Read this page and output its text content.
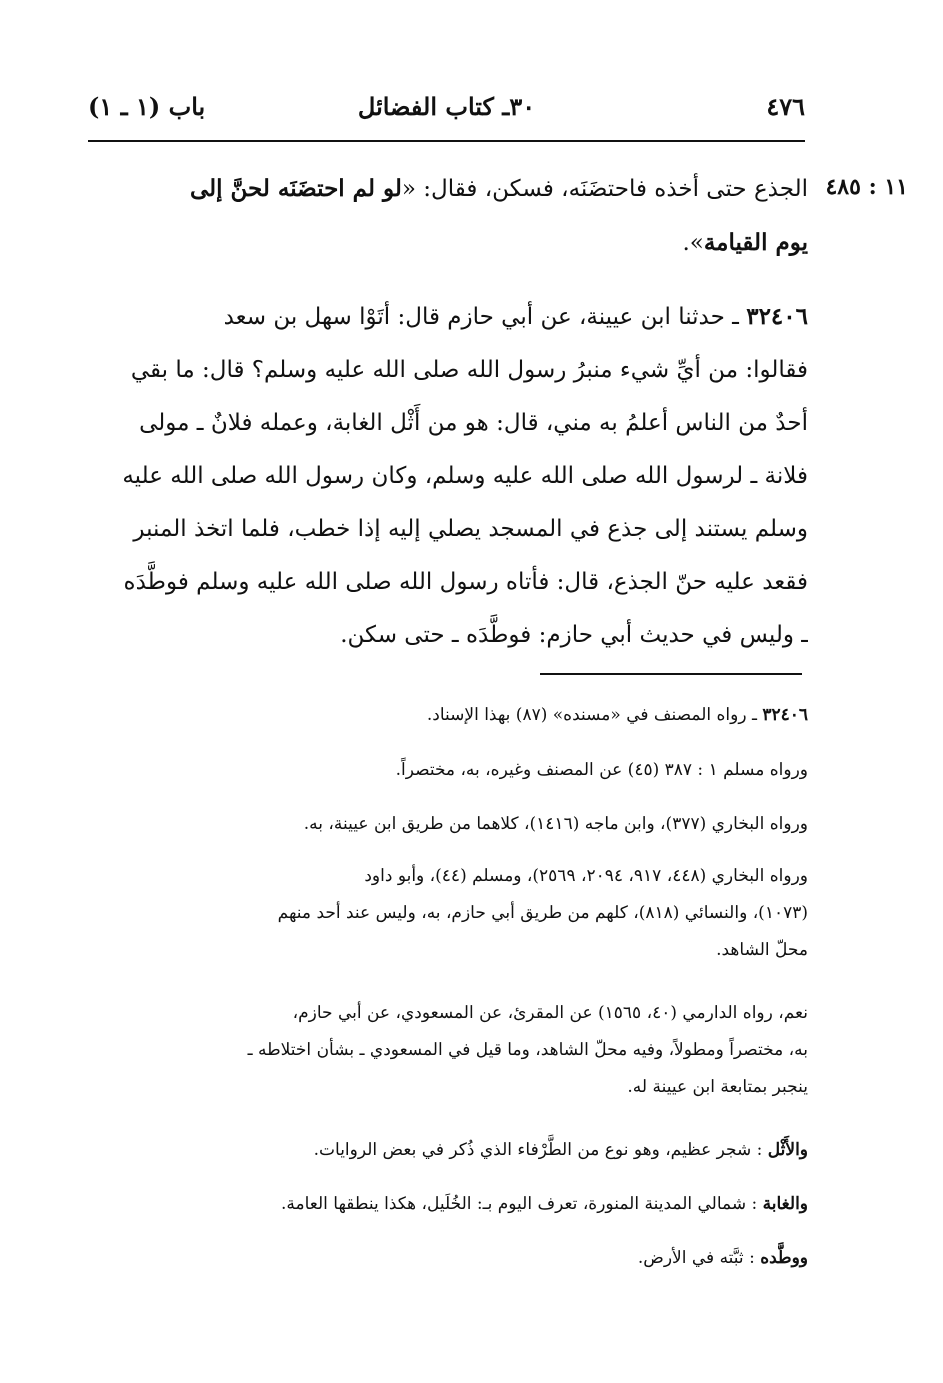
٤٧٦
٣٠ـ كتاب الفضائل
باب (١ ـ ١)
١١ : ٤٨٥
الجذع حتى أخذه فاحتضَنَه، فسكن، فقال: «لو لم احتضَنَه لحنَّ إلى
يوم القيامة».
٣٢٤٠٦ ـ حدثنا ابن عيينة، عن أبي حازم قال: أتَوْا سهل بن سعد
فقالوا: من أيِّ شيء منبرُ رسول الله صلى الله عليه وسلم؟ قال: ما بقي
أحدٌ من الناس أعلمُ به مني، قال: هو من أَثْل الغابة، وعمله فلانٌ ـ مولى
فلانة ـ لرسول الله صلى الله عليه وسلم، وكان رسول الله صلى الله عليه
وسلم يستند إلى جذع في المسجد يصلي إليه إذا خطب، فلما اتخذ المنبر
فقعد عليه حنّ الجذع، قال: فأتاه رسول الله صلى الله عليه وسلم فوطَّدَه
ـ وليس في حديث أبي حازم: فوطَّدَه ـ حتى سكن.
٣٢٤٠٦ ـ رواه المصنف في «مسنده» (٨٧) بهذا الإسناد.
ورواه مسلم ١ : ٣٨٧ (٤٥) عن المصنف وغيره، به، مختصراً.
ورواه البخاري (٣٧٧)، وابن ماجه (١٤١٦)، كلاهما من طريق ابن عيينة، به.
ورواه البخاري (٤٤٨، ٩١٧، ٢٠٩٤، ٢٥٦٩)، ومسلم (٤٤)، وأبو داود
(١٠٧٣)، والنسائي (٨١٨)، كلهم من طريق أبي حازم، به، وليس عند أحد منهم
محلّ الشاهد.
نعم، رواه الدارمي (٤٠، ١٥٦٥) عن المقرئ، عن المسعودي، عن أبي حازم،
به، مختصراً ومطولاً، وفيه محلّ الشاهد، وما قيل في المسعودي ـ بشأن اختلاطه ـ
ينجبر بمتابعة ابن عيينة له.
والأَثْل : شجر عظيم، وهو نوع من الطَّرْفاء الذي ذُكر في بعض الروايات.
والغابة : شمالي المدينة المنورة، تعرف اليوم بـ: الخُلَيل، هكذا ينطقها العامة.
ووطَّده : ثبَّته في الأرض.
